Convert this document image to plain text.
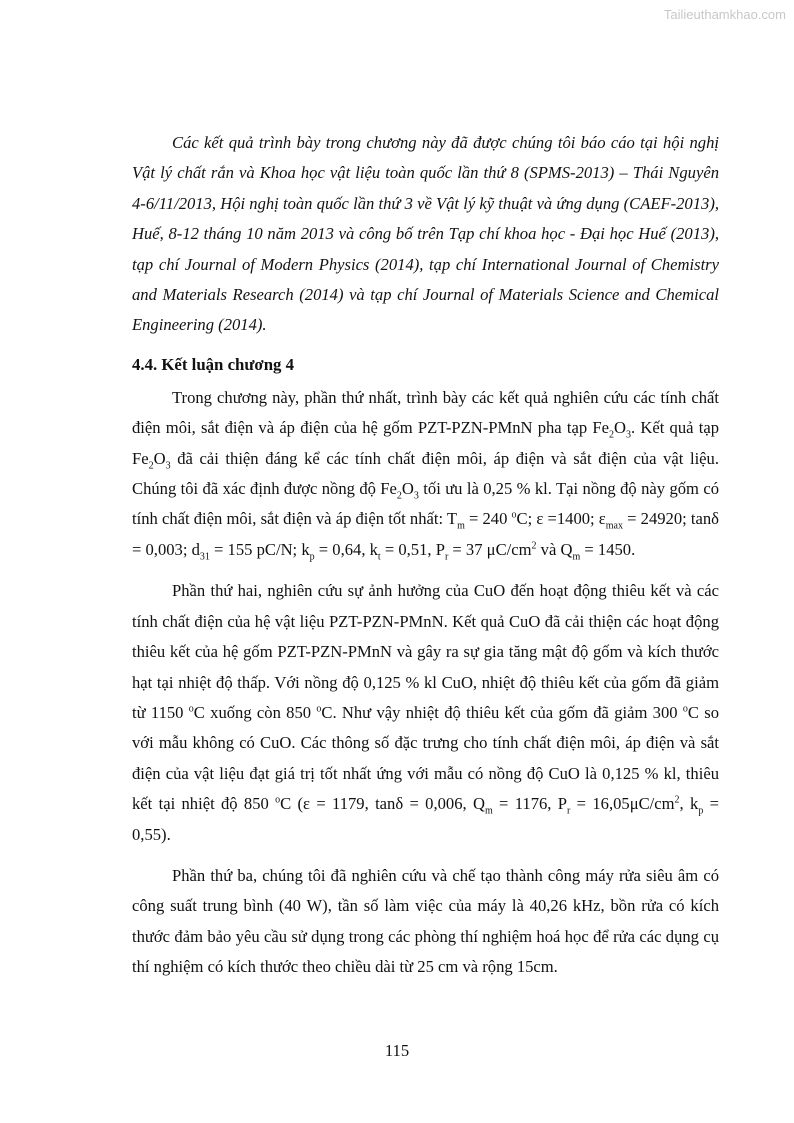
Tailieuthamkhao.com

Các kết quả trình bày trong chương này đã được chúng tôi báo cáo tại hội nghị Vật lý chất rắn và Khoa học vật liệu toàn quốc lần thứ 8 (SPMS-2013) – Thái Nguyên 4-6/11/2013, Hội nghị toàn quốc lần thứ 3 về Vật lý kỹ thuật và ứng dụng (CAEF-2013), Huế, 8-12 tháng 10 năm 2013 và công bố trên Tạp chí khoa học - Đại học Huế (2013), tạp chí Journal of Modern Physics (2014), tạp chí International Journal of Chemistry and Materials Research (2014) và tạp chí Journal of Materials Science and Chemical Engineering (2014).

4.4. Kết luận chương 4

Trong chương này, phần thứ nhất, trình bày các kết quả nghiên cứu các tính chất điện môi, sắt điện và áp điện của hệ gốm PZT-PZN-PMnN pha tạp $Fe_2O_3$. Kết quả tạp $Fe_2O_3$ đã cải thiện đáng kể các tính chất điện môi, áp điện và sắt điện của vật liệu. Chúng tôi đã xác định được nồng độ $Fe_2O_3$ tối ưu là 0,25 % kl. Tại nồng độ này gốm có tính chất điện môi, sắt điện và áp điện tốt nhất: $T_m = 240$ $^o$C; ε =1400; $\varepsilon_{max} = 24920$; tanδ = 0,003; $d_{31} = 155$ pC/N; $k_p = 0,64$, $k_t = 0,51$, $P_r = 37$ $\mu C/cm^2$ và $Q_m = 1450$.

Phần thứ hai, nghiên cứu sự ảnh hưởng của CuO đến hoạt động thiêu kết và các tính chất điện của hệ vật liệu PZT-PZN-PMnN. Kết quả CuO đã cải thiện các hoạt động thiêu kết của hệ gốm PZT-PZN-PMnN và gây ra sự gia tăng mật độ gốm và kích thước hạt tại nhiệt độ thấp. Với nồng độ 0,125 % kl CuO, nhiệt độ thiêu kết của gốm đã giảm từ 1150 $^o$C xuống còn 850 $^o$C. Như vậy nhiệt độ thiêu kết của gốm đã giảm 300 $^o$C so với mẫu không có CuO. Các thông số đặc trưng cho tính chất điện môi, áp điện và sắt điện của vật liệu đạt giá trị tốt nhất ứng với mẫu có nồng độ CuO là 0,125 % kl, thiêu kết tại nhiệt độ 850 $^o$C (ε = 1179, tanδ = 0,006, $Q_m = 1176$, $P_r = 16,05\mu C/cm^2$, $k_p = 0,55$).

Phần thứ ba, chúng tôi đã nghiên cứu và chế tạo thành công máy rửa siêu âm có công suất trung bình (40 W), tần số làm việc của máy là 40,26 kHz, bồn rửa có kích thước đảm bảo yêu cầu sử dụng trong các phòng thí nghiệm hoá học để rửa các dụng cụ thí nghiệm có kích thước theo chiều dài từ 25 cm và rộng 15cm.

115
